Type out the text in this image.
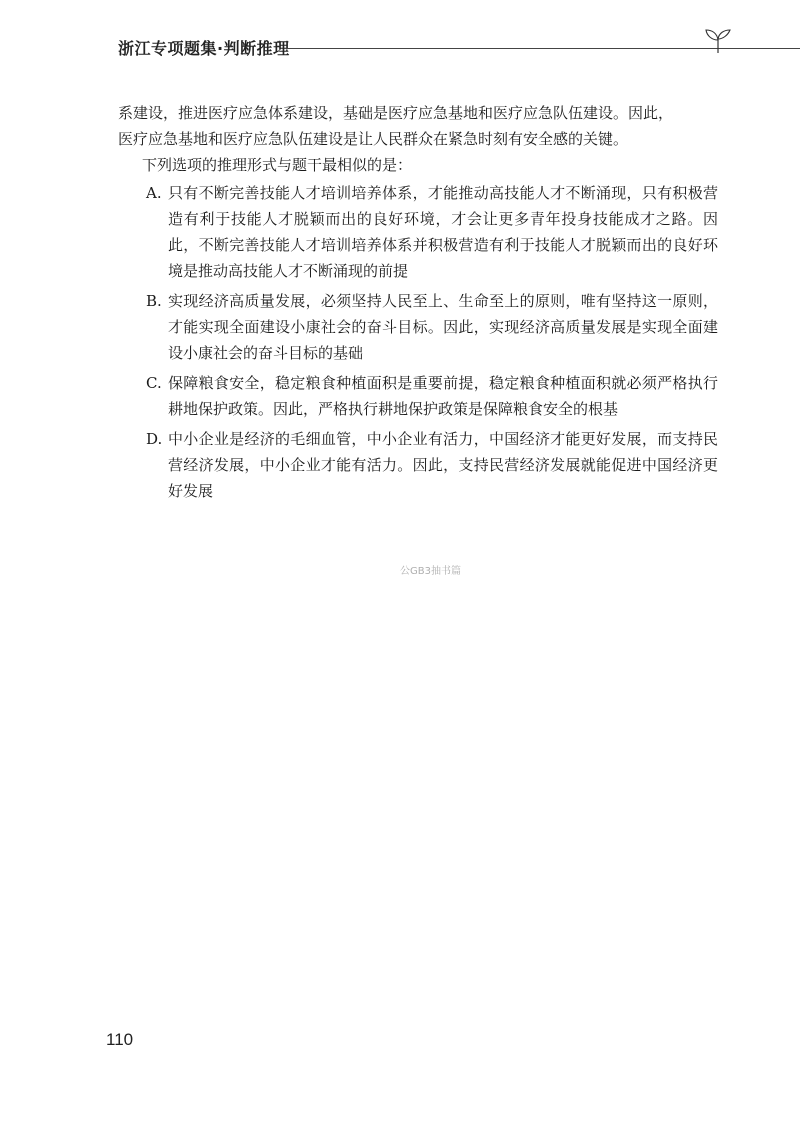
浙江专项题集·判断推理

系建设，推进医疗应急体系建设，基础是医疗应急基地和医疗应急队伍建设。因此，

医疗应急基地和医疗应急队伍建设是让人民群众在紧急时刻有安全感的关键。

下列选项的推理形式与题干最相似的是：

A. 只有不断完善技能人才培训培养体系，才能推动高技能人才不断涌现，只有积极营造有利于技能人才脱颖而出的良好环境，才会让更多青年投身技能成才之路。因此，不断完善技能人才培训培养体系并积极营造有利于技能人才脱颖而出的良好环境是推动高技能人才不断涌现的前提
B. 实现经济高质量发展，必须坚持人民至上、生命至上的原则，唯有坚持这一原则，才能实现全面建设小康社会的奋斗目标。因此，实现经济高质量发展是实现全面建设小康社会的奋斗目标的基础
C. 保障粮食安全，稳定粮食种植面积是重要前提，稳定粮食种植面积就必须严格执行耕地保护政策。因此，严格执行耕地保护政策是保障粮食安全的根基
D. 中小企业是经济的毛细血管，中小企业有活力，中国经济才能更好发展，而支持民营经济发展，中小企业才能有活力。因此，支持民营经济发展就能促进中国经济更好发展
公GB3抽书篇
110
